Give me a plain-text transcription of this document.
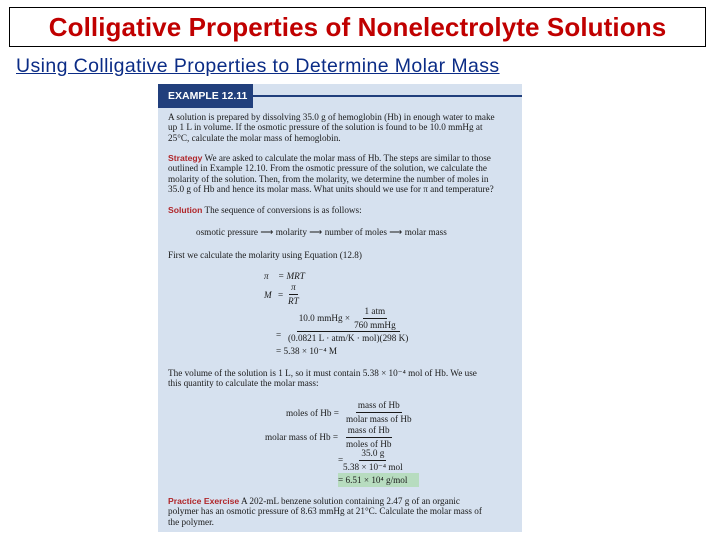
Colligative Properties of Nonelectrolyte Solutions
Using Colligative Properties to Determine Molar Mass
EXAMPLE 12.11

A solution is prepared by dissolving 35.0 g of hemoglobin (Hb) in enough water to make

up 1 L in volume. If the osmotic pressure of the solution is found to be 10.0 mmHg at

25°C, calculate the molar mass of hemoglobin.

Strategy We are asked to calculate the molar mass of Hb. The steps are similar to those

outlined in Example 12.10. From the osmotic pressure of the solution, we calculate the

molarity of the solution. Then, from the molarity, we determine the number of moles in

35.0 g of Hb and hence its molar mass. What units should we use for π and temperature?

Solution The sequence of conversions is as follows:
osmotic pressure ⟶ molarity ⟶ number of moles ⟶ molar mass
First we calculate the molarity using Equation (12.8)
π = MRT
$M = \frac{\pi}{RT}$
=
10.0 mmHg × $\frac{\text{1 atm}}{\text{760 mmHg}}$
(0.0821 L · atm/K · mol)(298 K)
= 5.38 × 10⁻⁴ M

The volume of the solution is 1 L, so it must contain 5.38 × 10⁻⁴ mol of Hb. We use

this quantity to calculate the molar mass:

moles of Hb =
mass of Hb
molar mass of Hb
molar mass of Hb =
mass of Hb
moles of Hb
=
35.0 g
5.38 × 10⁻⁴ mol
= 6.51 × 10⁴ g/mol

Practice Exercise A 202-mL benzene solution containing 2.47 g of an organic

polymer has an osmotic pressure of 8.63 mmHg at 21°C. Calculate the molar mass of

the polymer.
